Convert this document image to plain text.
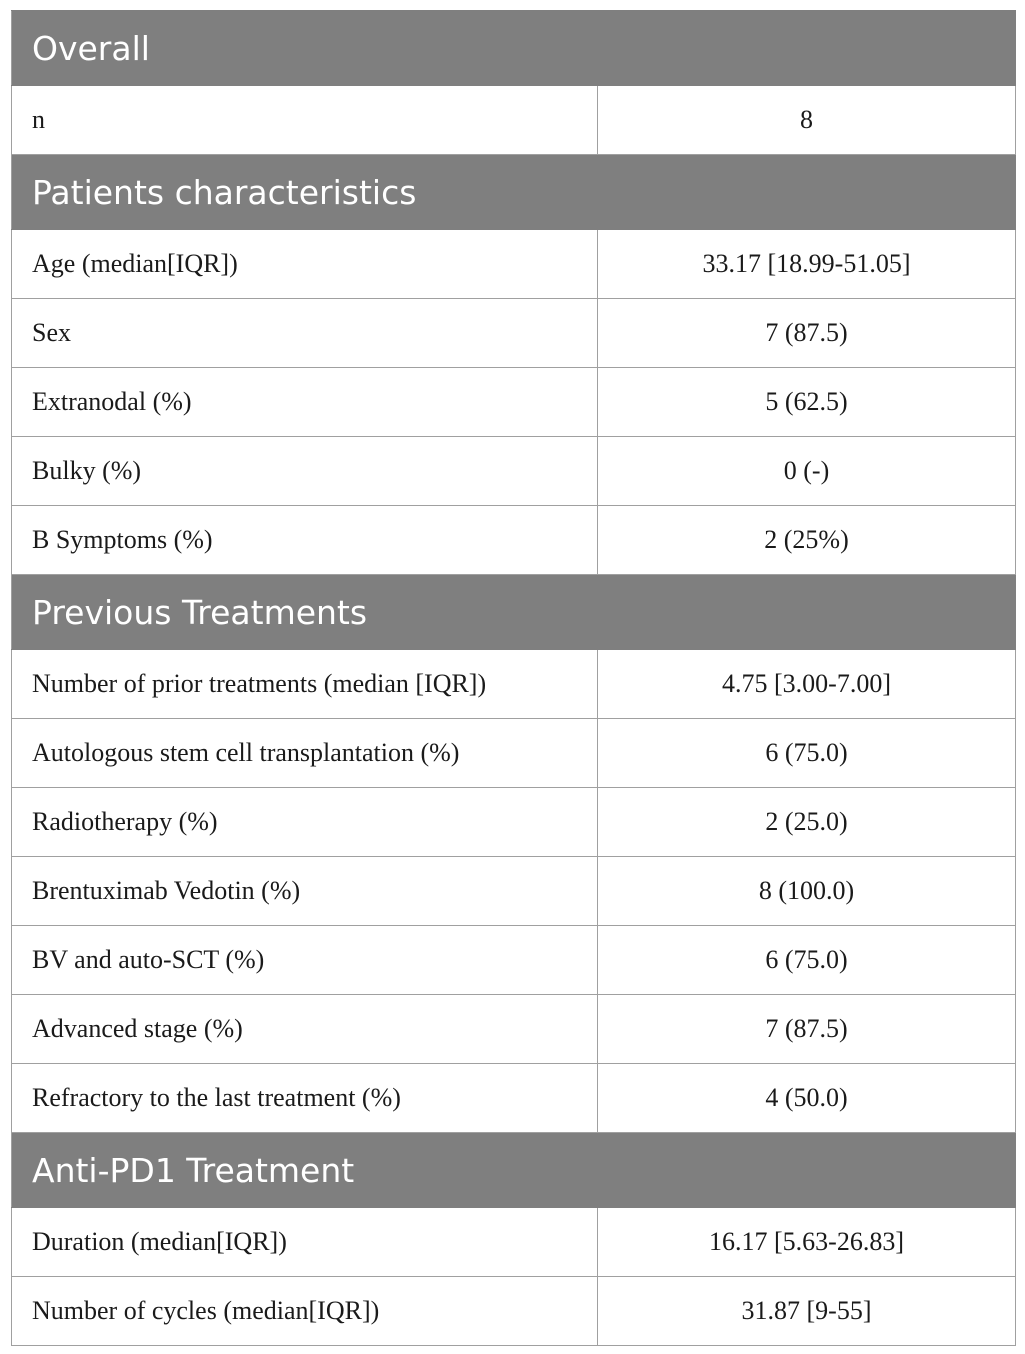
Overall	
n	8
Patients characteristics	
Age (median[IQR])	33.17 [18.99-51.05]
Sex	7 (87.5)
Extranodal (%)	5 (62.5)
Bulky (%)	0 (-)
B Symptoms (%)	2 (25%)
Previous Treatments	
Number of prior treatments (median [IQR])	4.75 [3.00-7.00]
Autologous stem cell transplantation (%)	6 (75.0)
Radiotherapy (%)	2 (25.0)
Brentuximab Vedotin (%)	8 (100.0)
BV and auto-SCT (%)	6 (75.0)
Advanced stage (%)	7 (87.5)
Refractory to the last treatment (%)	4 (50.0)
Anti-PD1 Treatment	
Duration (median[IQR])	16.17 [5.63-26.83]
Number of cycles (median[IQR])	31.87 [9-55]
